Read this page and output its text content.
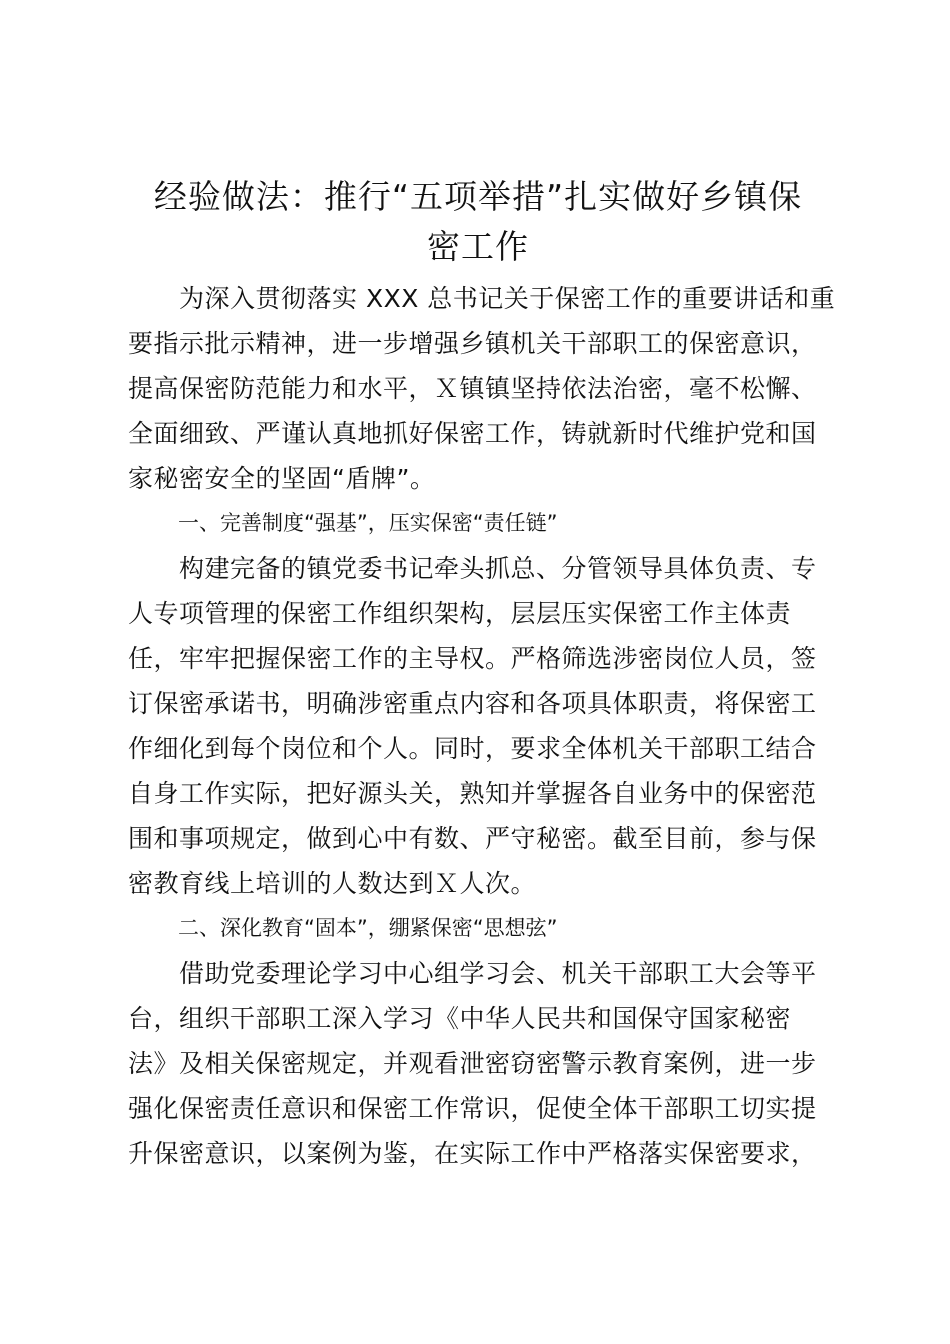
经验做法：推行“五项举措”扎实做好乡镇保
密工作

　　为深入贯彻落实 XXX 总书记关于保密工作的重要讲话和重
要指示批示精神，进一步增强乡镇机关干部职工的保密意识，
提高保密防范能力和水平，Ｘ镇镇坚持依法治密，毫不松懈、
全面细致、严谨认真地抓好保密工作，铸就新时代维护党和国
家秘密安全的坚固“盾牌”。

一、完善制度“强基”，压实保密“责任链”

　　构建完备的镇党委书记牵头抓总、分管领导具体负责、专
人专项管理的保密工作组织架构，层层压实保密工作主体责
任，牢牢把握保密工作的主导权。严格筛选涉密岗位人员，签
订保密承诺书，明确涉密重点内容和各项具体职责，将保密工
作细化到每个岗位和个人。同时，要求全体机关干部职工结合
自身工作实际，把好源头关，熟知并掌握各自业务中的保密范
围和事项规定，做到心中有数、严守秘密。截至目前，参与保
密教育线上培训的人数达到Ｘ人次。

二、深化教育“固本”，绷紧保密“思想弦”

　　借助党委理论学习中心组学习会、机关干部职工大会等平
台，组织干部职工深入学习《中华人民共和国保守国家秘密
法》及相关保密规定，并观看泄密窃密警示教育案例，进一步
强化保密责任意识和保密工作常识，促使全体干部职工切实提
升保密意识，以案例为鉴，在实际工作中严格落实保密要求，
